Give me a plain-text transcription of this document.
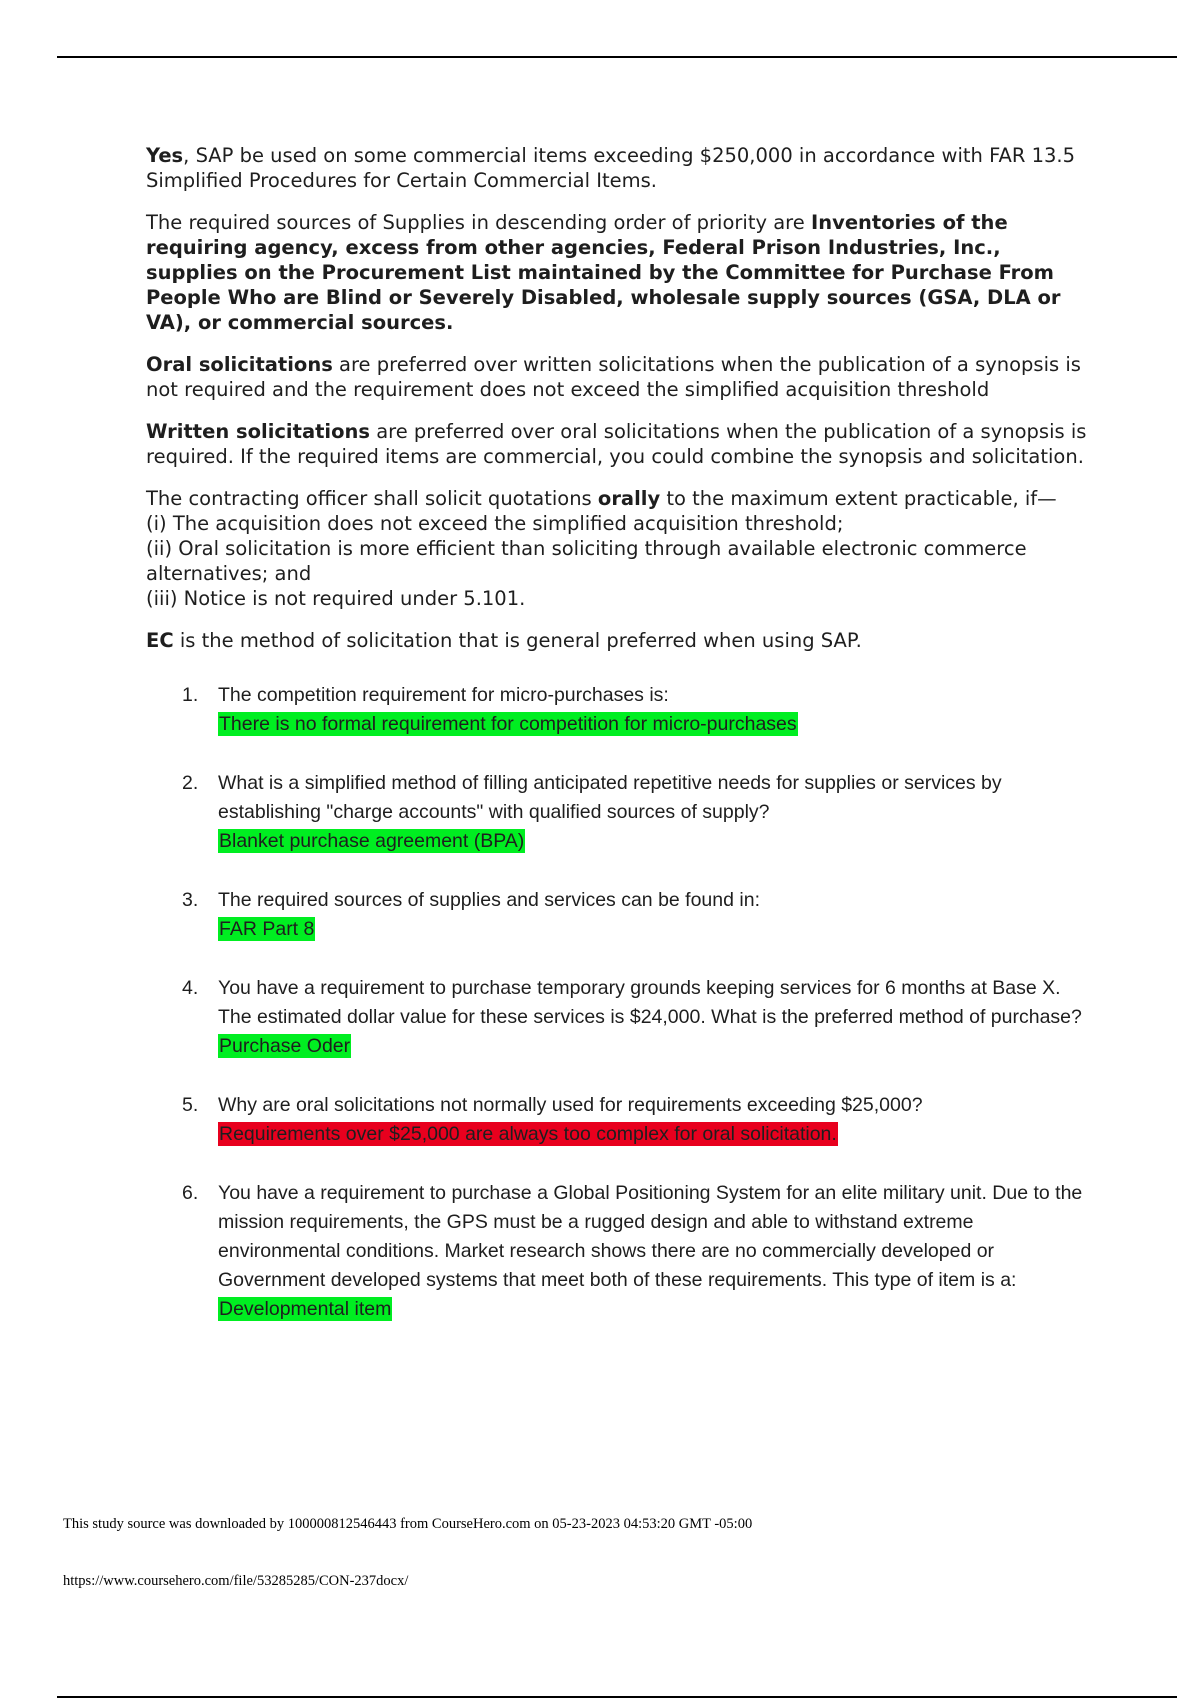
Yes, SAP be used on some commercial items exceeding $250,000 in accordance with FAR 13.5 Simplified Procedures for Certain Commercial Items.

The required sources of Supplies in descending order of priority are Inventories of the requiring agency, excess from other agencies, Federal Prison Industries, Inc., supplies on the Procurement List maintained by the Committee for Purchase From People Who are Blind or Severely Disabled, wholesale supply sources (GSA, DLA or VA), or commercial sources.

Oral solicitations are preferred over written solicitations when the publication of a synopsis is not required and the requirement does not exceed the simplified acquisition threshold

Written solicitations are preferred over oral solicitations when the publication of a synopsis is required. If the required items are commercial, you could combine the synopsis and solicitation.

The contracting officer shall solicit quotations orally to the maximum extent practicable, if—
(i) The acquisition does not exceed the simplified acquisition threshold;
(ii) Oral solicitation is more efficient than soliciting through available electronic commerce alternatives; and
(iii) Notice is not required under 5.101.

EC is the method of solicitation that is general preferred when using SAP.

1.	The competition requirement for micro-purchases is:
There is no formal requirement for competition for micro-purchases
2.	What is a simplified method of filling anticipated repetitive needs for supplies or services by establishing "charge accounts" with qualified sources of supply?
Blanket purchase agreement (BPA)
3.	The required sources of supplies and services can be found in:
FAR Part 8
4.	You have a requirement to purchase temporary grounds keeping services for 6 months at Base X. The estimated dollar value for these services is $24,000. What is the preferred method of purchase?
Purchase Oder
5.	Why are oral solicitations not normally used for requirements exceeding $25,000?
Requirements over $25,000 are always too complex for oral solicitation.
6.	You have a requirement to purchase a Global Positioning System for an elite military unit. Due to the mission requirements, the GPS must be a rugged design and able to withstand extreme environmental conditions. Market research shows there are no commercially developed or Government developed systems that meet both of these requirements. This type of item is a:
Developmental item
This study source was downloaded by 100000812546443 from CourseHero.com on 05-23-2023 04:53:20 GMT -05:00
https://www.coursehero.com/file/53285285/CON-237docx/
